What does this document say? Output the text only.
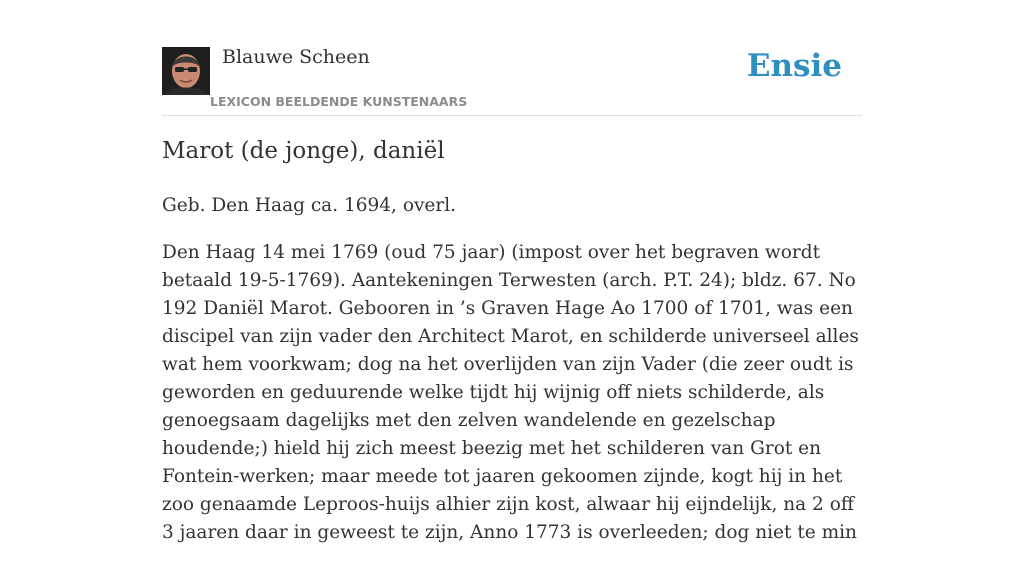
Blauwe Scheen
LEXICON BEELDENDE KUNSTENAARS
Ensie
Marot (de jonge), daniël

Geb. Den Haag ca. 1694, overl.

Den Haag 14 mei 1769 (oud 75 jaar) (impost over het begraven wordt betaald 19-5-1769). Aantekeningen Terwesten (arch. P.T. 24); bldz. 67. No 192 Daniël Marot. Gebooren in ’s Graven Hage Ao 1700 of 1701, was een discipel van zijn vader den Architect Marot, en schilderde universeel alles wat hem voorkwam; dog na het overlijden van zijn Vader (die zeer oudt is geworden en geduurende welke tijdt hij wijnig off niets schilderde, als genoegsaam dagelijks met den zelven wandelende en gezelschap houdende;) hield hij zich meest beezig met het schilderen van Grot en Fontein-werken; maar meede tot jaaren gekoomen zijnde, kogt hij in het zoo genaamde Leproos-huijs alhier zijn kost, alwaar hij eijndelijk, na 2 off 3 jaaren daar in geweest te zijn, Anno 1773 is overleeden; dog niet te min
